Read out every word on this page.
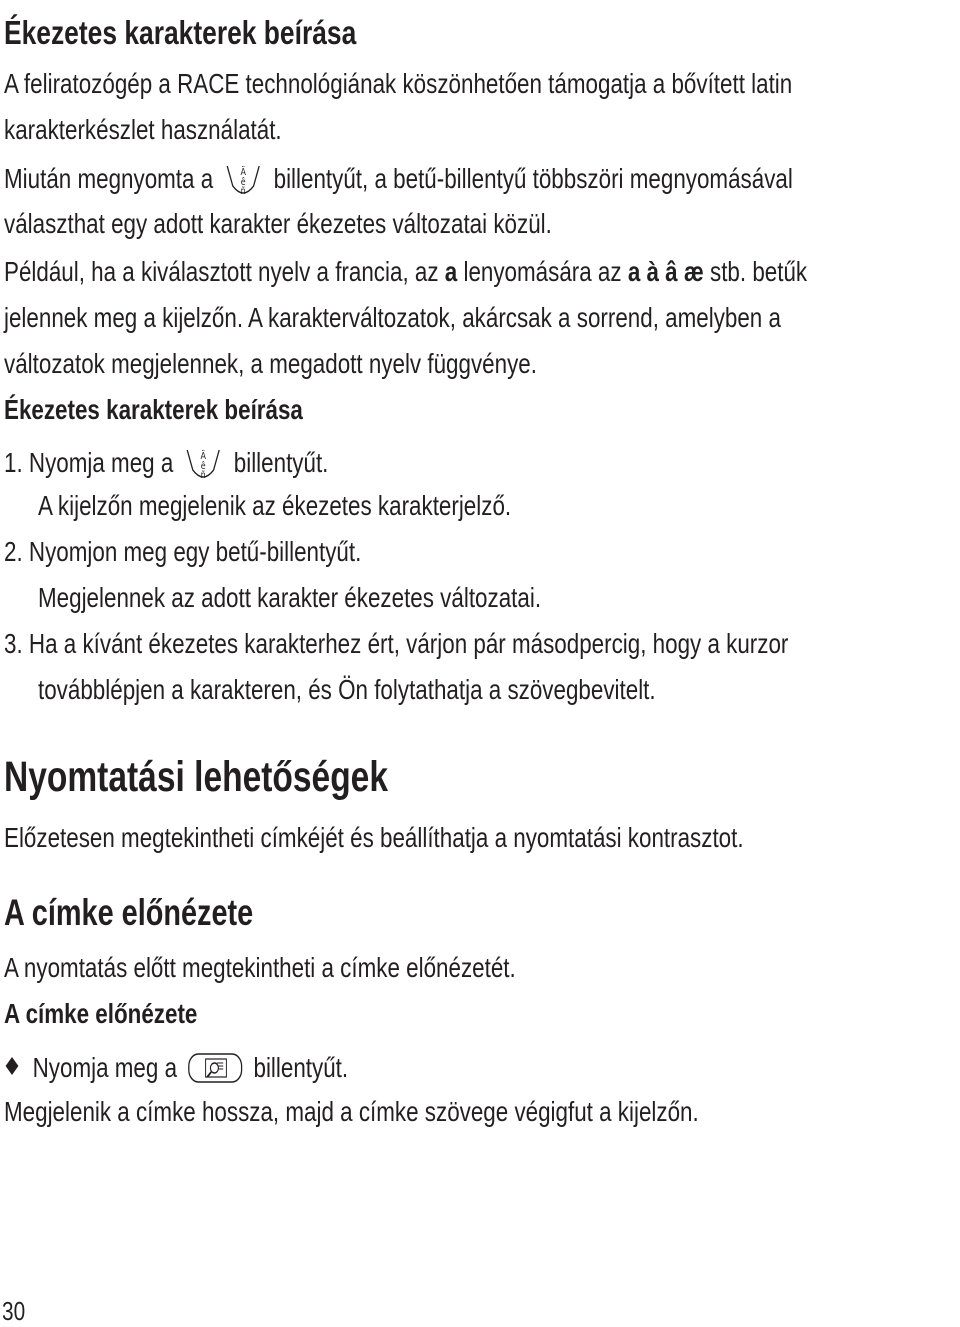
Ékezetes karakterek beírása
A feliratozógép a RACE technológiának köszönhetően támogatja a bővített latin
karakterkészlet használatát.
Miután megnyomta a	Ä
ê
ñ billentyűt, a betű-billentyű többszöri megnyomásával
választhat egy adott karakter ékezetes változatai közül.
Például, ha a kiválasztott nyelv a francia, az a lenyomására az a à â æ stb. betűk
jelennek meg a kijelzőn. A karakterváltozatok, akárcsak a sorrend, amelyben a
változatok megjelennek, a megadott nyelv függvénye.
Ékezetes karakterek beírása
1. Nyomja meg a	Ä
ê
ñ billentyűt.
A kijelzőn megjelenik az ékezetes karakterjelző.
2. Nyomjon meg egy betű-billentyűt.
Megjelennek az adott karakter ékezetes változatai.
3. Ha a kívánt ékezetes karakterhez ért, várjon pár másodpercig, hogy a kurzor
továbblépjen a karakteren, és Ön folytathatja a szövegbevitelt.
Nyomtatási lehetőségek
Előzetesen megtekintheti címkéjét és beállíthatja a nyomtatási kontrasztot.
A címke előnézete
A nyomtatás előtt megtekintheti a címke előnézetét.
A címke előnézete
Nyomja meg a	billentyűt.
Megjelenik a címke hossza, majd a címke szövege végigfut a kijelzőn.
30
